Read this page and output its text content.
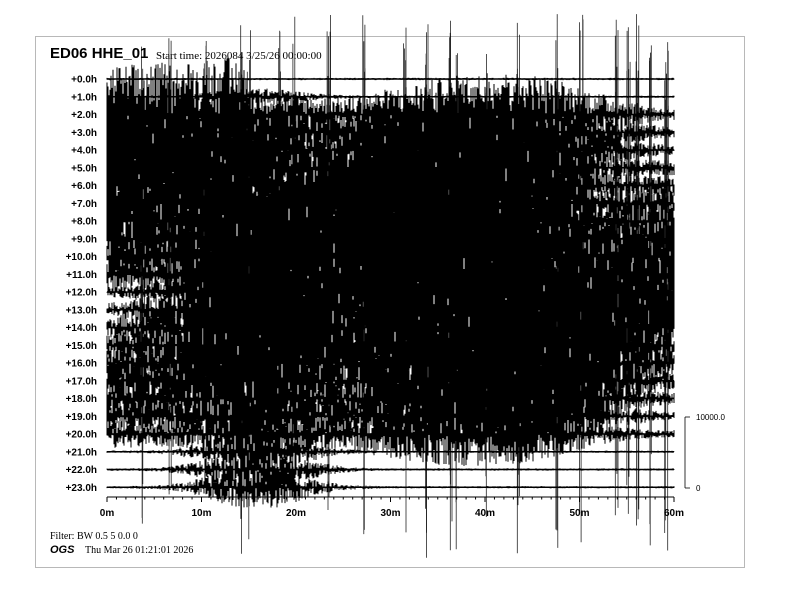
+0.0h
+1.0h
+2.0h
+3.0h
+4.0h
+5.0h
+6.0h
+7.0h
+8.0h
+9.0h
+10.0h
+11.0h
+12.0h
+13.0h
+14.0h
+15.0h
+16.0h
+17.0h
+18.0h
+19.0h
+20.0h
+21.0h
+22.0h
+23.0h
0m	10m	20m	30m	40m	50m	60m
10000.0
0
ED06 HHE_01 Start time: 2026084 3/25/26 00:00:00
Filter: BW 0.5 5 0.0 0
OGS Thu Mar 26 01:21:01 2026
